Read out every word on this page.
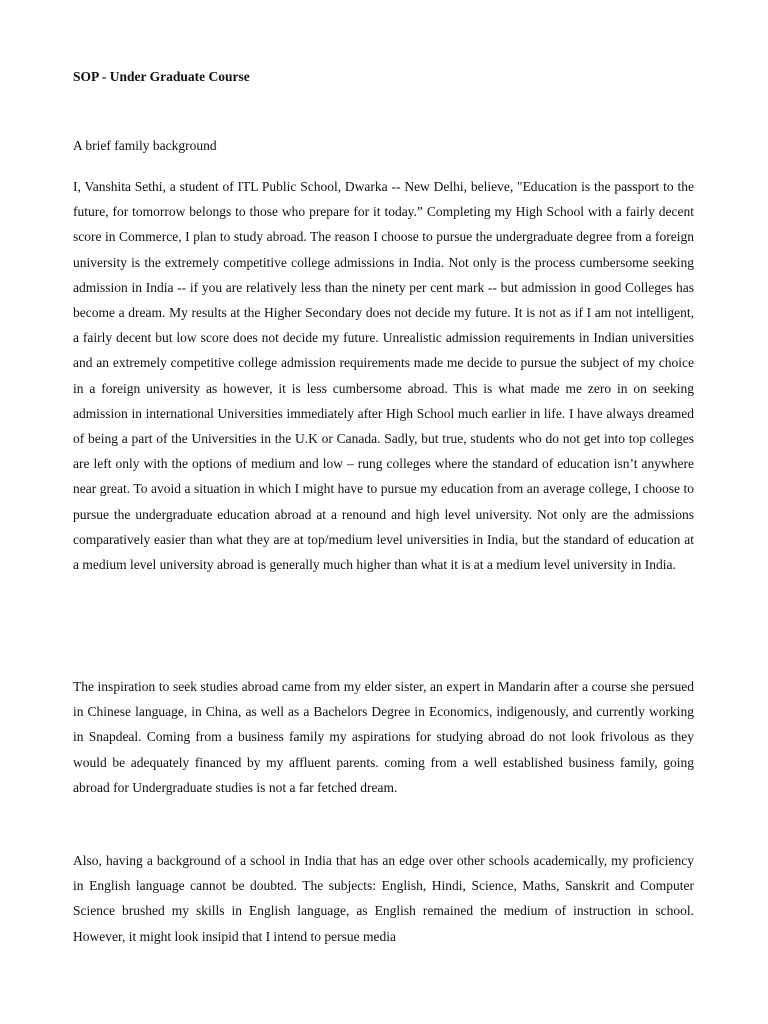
SOP - Under Graduate Course
A brief family background

I, Vanshita Sethi, a student of ITL Public School, Dwarka -- New Delhi, believe, "Education is the passport to the future, for tomorrow belongs to those who prepare for it today.” Completing my High School with a fairly decent score in Commerce, I plan to study abroad. The reason I choose to pursue the undergraduate degree from a foreign university is the extremely competitive college admissions in India. Not only is the process cumbersome seeking admission in India -- if you are relatively less than the ninety per cent mark -- but admission in good Colleges has become a dream. My results at the Higher Secondary does not decide my future. It is not as if I am not intelligent, a fairly decent but low score does not decide my future. Unrealistic admission requirements in Indian universities and an extremely competitive college admission requirements made me decide to pursue the subject of my choice in a foreign university as however, it is less cumbersome abroad. This is what made me zero in on seeking admission in international Universities immediately after High School much earlier in life. I have always dreamed of being a part of the Universities in the U.K or Canada. Sadly, but true, students who do not get into top colleges are left only with the options of medium and low – rung colleges where the standard of education isn’t anywhere near great. To avoid a situation in which I might have to pursue my education from an average college, I choose to pursue the undergraduate education abroad at a renound and high level university. Not only are the admissions comparatively easier than what they are at top/medium level universities in India, but the standard of education at a medium level university abroad is generally much higher than what it is at a medium level university in India.

The inspiration to seek studies abroad came from my elder sister, an expert in Mandarin after a course she persued in Chinese language, in China, as well as a Bachelors Degree in Economics, indigenously, and currently working in Snapdeal. Coming from a business family my aspirations for studying abroad do not look frivolous as they would be adequately financed by my affluent parents. coming from a well established business family, going abroad for Undergraduate studies is not a far fetched dream.

Also, having a background of a school in India that has an edge over other schools academically, my proficiency in English language cannot be doubted. The subjects: English, Hindi, Science, Maths, Sanskrit and Computer Science brushed my skills in English language, as English remained the medium of instruction in school. However, it might look insipid that I intend to persue media
